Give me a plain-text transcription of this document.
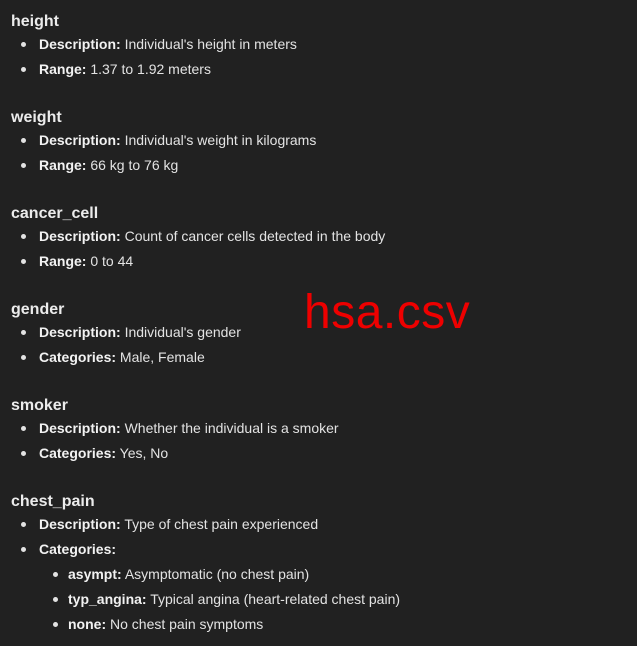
height
Description: Individual's height in meters
Range: 1.37 to 1.92 meters
weight
Description: Individual's weight in kilograms
Range: 66 kg to 76 kg
cancer_cell
Description: Count of cancer cells detected in the body
Range: 0 to 44
gender
Description: Individual's gender
Categories: Male, Female
smoker
Description: Whether the individual is a smoker
Categories: Yes, No
chest_pain
Description: Type of chest pain experienced
Categories:
asympt: Asymptomatic (no chest pain)
typ_angina: Typical angina (heart-related chest pain)
none: No chest pain symptoms
hsa.csv
